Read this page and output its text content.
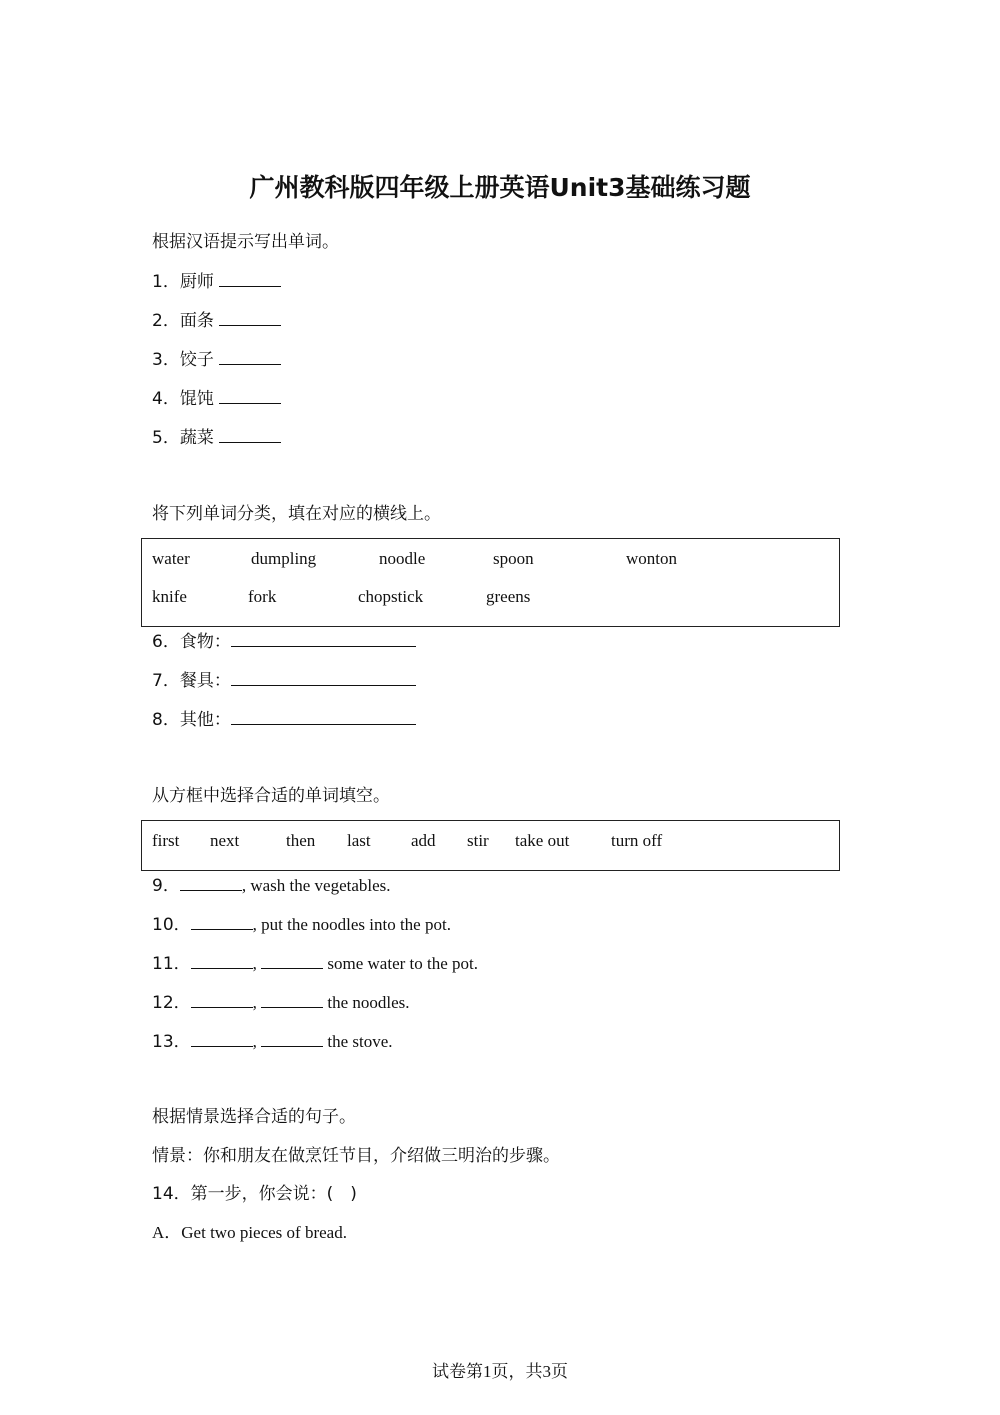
广州教科版四年级上册英语Unit3基础练习题
根据汉语提示写出单词。
1．厨师
2．面条
3．饺子
4．馄饨
5．蔬菜
将下列单词分类，填在对应的横线上。
water	dumpling	noodle	spoon	wonton
knife	fork	chopstick	greens
6．食物：
7．餐具：
8．其他：
从方框中选择合适的单词填空。
first next	then last add stir take out turn off
9．	, wash the vegetables.
10．	, put the noodles into the pot.
11．	,	some water to the pot.
12．	,	the noodles.
13．	,	the stove.
根据情景选择合适的句子。
情景：你和朋友在做烹饪节目，介绍做三明治的步骤。
14．第一步，你会说：(　)
A．Get two pieces of bread.
试卷第1页，共3页
